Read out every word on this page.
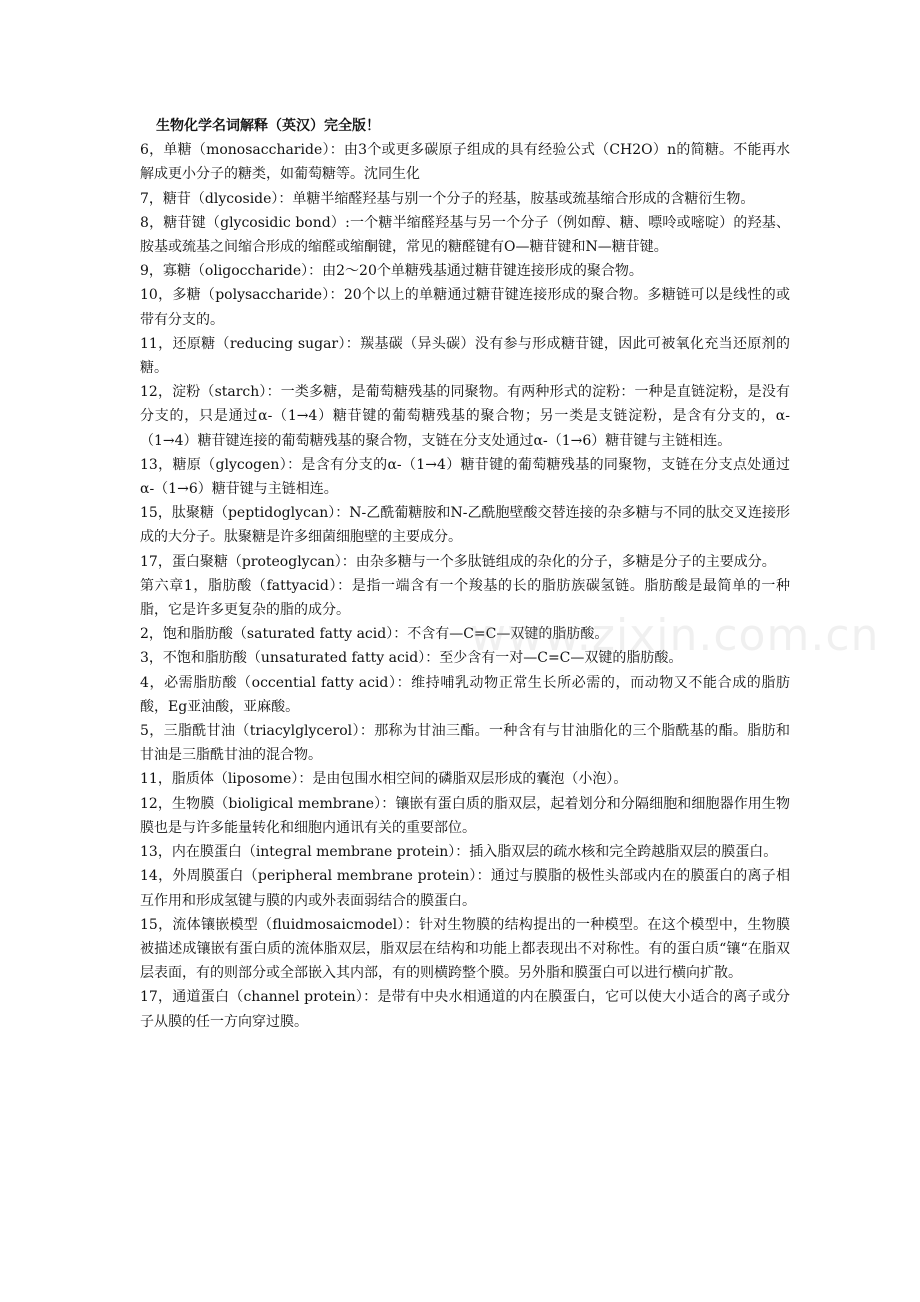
生物化学名词解释（英汉）完全版！

6，单糖（monosaccharide）：由3个或更多碳原子组成的具有经验公式（CH2O）n的简糖。不能再水解成更小分子的糖类，如葡萄糖等。沈同生化

7，糖苷（dlycoside）：单糖半缩醛羟基与别一个分子的羟基，胺基或巯基缩合形成的含糖衍生物。

8，糖苷键（glycosidic bond）:一个糖半缩醛羟基与另一个分子（例如醇、糖、嘌呤或嘧啶）的羟基、胺基或巯基之间缩合形成的缩醛或缩酮键，常见的糖醛键有O—糖苷键和N—糖苷键。

9，寡糖（oligoccharide）：由2～20个单糖残基通过糖苷键连接形成的聚合物。

10，多糖（polysaccharide）：20个以上的单糖通过糖苷键连接形成的聚合物。多糖链可以是线性的或带有分支的。

11，还原糖（reducing sugar）：羰基碳（异头碳）没有参与形成糖苷键，因此可被氧化充当还原剂的糖。

12，淀粉（starch）：一类多糖，是葡萄糖残基的同聚物。有两种形式的淀粉：一种是直链淀粉，是没有分支的，只是通过α-（1→4）糖苷键的葡萄糖残基的聚合物；另一类是支链淀粉，是含有分支的，α-（1→4）糖苷键连接的葡萄糖残基的聚合物，支链在分支处通过α-（1→6）糖苷键与主链相连。

13，糖原（glycogen）：是含有分支的α-（1→4）糖苷键的葡萄糖残基的同聚物，支链在分支点处通过α-（1→6）糖苷键与主链相连。

15，肽聚糖（peptidoglycan）：N-乙酰葡糖胺和N-乙酰胞壁酸交替连接的杂多糖与不同的肽交叉连接形成的大分子。肽聚糖是许多细菌细胞壁的主要成分。

17，蛋白聚糖（proteoglycan）：由杂多糖与一个多肽链组成的杂化的分子，多糖是分子的主要成分。

第六章1，脂肪酸（fattyacid）：是指一端含有一个羧基的长的脂肪族碳氢链。脂肪酸是最简单的一种脂，它是许多更复杂的脂的成分。

2，饱和脂肪酸（saturated fatty acid）：不含有—C=C—双键的脂肪酸。

3，不饱和脂肪酸（unsaturated fatty acid）：至少含有一对—C=C—双键的脂肪酸。

4，必需脂肪酸（occential fatty acid）：维持哺乳动物正常生长所必需的，而动物又不能合成的脂肪酸，Eg亚油酸，亚麻酸。

5，三脂酰甘油（triacylglycerol）：那称为甘油三酯。一种含有与甘油脂化的三个脂酰基的酯。脂肪和甘油是三脂酰甘油的混合物。

11，脂质体（liposome）：是由包围水相空间的磷脂双层形成的囊泡（小泡）。

12，生物膜（bioligical membrane）：镶嵌有蛋白质的脂双层，起着划分和分隔细胞和细胞器作用生物膜也是与许多能量转化和细胞内通讯有关的重要部位。

13，内在膜蛋白（integral membrane protein）：插入脂双层的疏水核和完全跨越脂双层的膜蛋白。

14，外周膜蛋白（peripheral membrane protein）：通过与膜脂的极性头部或内在的膜蛋白的离子相互作用和形成氢键与膜的内或外表面弱结合的膜蛋白。

15，流体镶嵌模型（fluidmosaicmodel）：针对生物膜的结构提出的一种模型。在这个模型中，生物膜被描述成镶嵌有蛋白质的流体脂双层，脂双层在结构和功能上都表现出不对称性。有的蛋白质“镶“在脂双层表面，有的则部分或全部嵌入其内部，有的则横跨整个膜。另外脂和膜蛋白可以进行横向扩散。

17，通道蛋白（channel protein）：是带有中央水相通道的内在膜蛋白，它可以使大小适合的离子或分子从膜的任一方向穿过膜。

www.zixin.com.cn
